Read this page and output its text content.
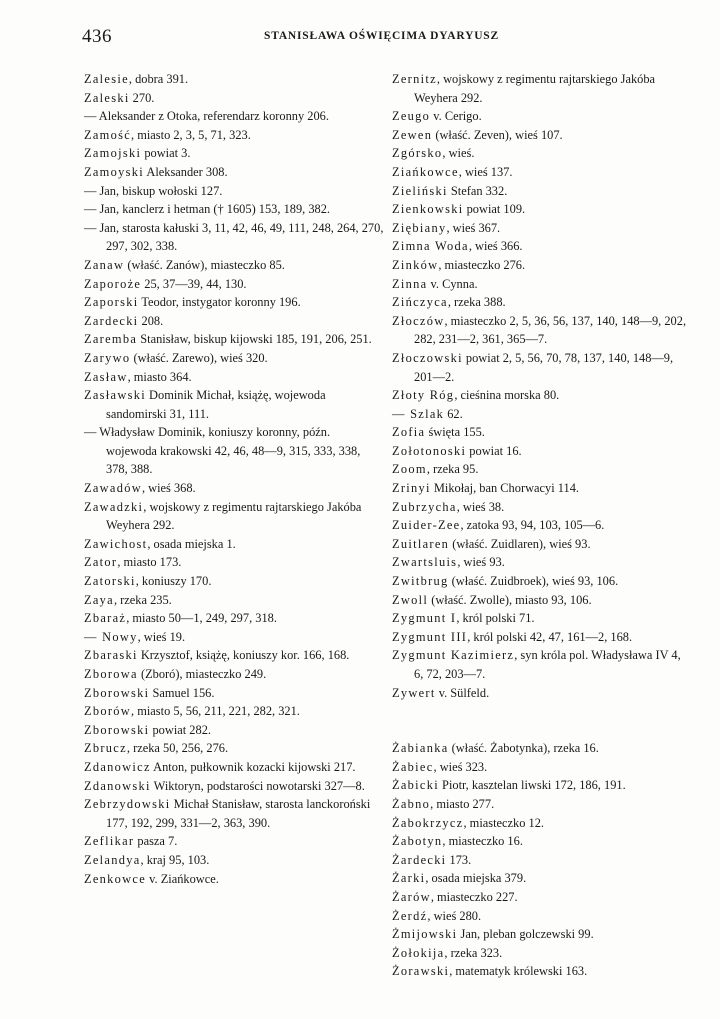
436	STANISŁAWA OŚWIĘCIMA DYARYUSZ
Zalesie, dobra 391.
Zaleski 270.
— Aleksander z Otoka, referendarz koronny 206.
Zamość, miasto 2, 3, 5, 71, 323.
Zamojski powiat 3.
Zamoyski Aleksander 308.
— Jan, biskup wołoski 127.
— Jan, kanclerz i hetman († 1605) 153, 189, 382.
— Jan, starosta kałuski 3, 11, 42, 46, 49, 111, 248, 264, 270, 297, 302, 338.
Zanaw (właść. Zanów), miasteczko 85.
Zaporoże 25, 37—39, 44, 130.
Zaporski Teodor, instygator koronny 196.
Zardecki 208.
Zaremba Stanisław, biskup kijowski 185, 191, 206, 251.
Zarywo (właść. Zarewo), wieś 320.
Zasław, miasto 364.
Zasławski Dominik Michał, książę, wojewoda sandomirski 31, 111.
— Władysław Dominik, koniuszy koronny, późn. wojewoda krakowski 42, 46, 48—9, 315, 333, 338, 378, 388.
Zawadów, wieś 368.
Zawadzki, wojskowy z regimentu rajtarskiego Jakóba Weyhera 292.
Zawichost, osada miejska 1.
Zator, miasto 173.
Zatorski, koniuszy 170.
Zaya, rzeka 235.
Zbaraż, miasto 50—1, 249, 297, 318.
— Nowy, wieś 19.
Zbaraski Krzysztof, książę, koniuszy kor. 166, 168.
Zborowa (Zboró), miasteczko 249.
Zborowski Samuel 156.
Zborów, miasto 5, 56, 211, 221, 282, 321.
Zborowski powiat 282.
Zbrucz, rzeka 50, 256, 276.
Zdanowicz Anton, pułkownik kozacki kijowski 217.
Zdanowski Wiktoryn, podstarości nowotarski 327—8.
Zebrzydowski Michał Stanisław, starosta lanckoroński 177, 192, 299, 331—2, 363, 390.
Zeflikar pasza 7.
Zelandya, kraj 95, 103.
Zenkowce v. Ziańkowce.
Zernitz, wojskowy z regimentu rajtarskiego Jakóba Weyhera 292.
Zeugo v. Cerigo.
Zewen (właść. Zeven), wieś 107.
Zgórsko, wieś.
Ziańkowce, wieś 137.
Zieliński Stefan 332.
Zienkowski powiat 109.
Ziębiany, wieś 367.
Zimna Woda, wieś 366.
Zinków, miasteczko 276.
Zinna v. Cynna.
Zińczyca, rzeka 388.
Złoczów, miasteczko 2, 5, 36, 56, 137, 140, 148—9, 202, 282, 231—2, 361, 365—7.
Złoczowski powiat 2, 5, 56, 70, 78, 137, 140, 148—9, 201—2.
Złoty Róg, cieśnina morska 80.
— Szlak 62.
Zofia święta 155.
Zołotonoski powiat 16.
Zoom, rzeka 95.
Zrinyi Mikołaj, ban Chorwacyi 114.
Zubrzycha, wieś 38.
Zuider-Zee, zatoka 93, 94, 103, 105—6.
Zuitlaren (właść. Zuidlaren), wieś 93.
Zwartsluis, wieś 93.
Zwitbrug (właść. Zuidbroek), wieś 93, 106.
Zwoll (właść. Zwolle), miasto 93, 106.
Zygmunt I, król polski 71.
Zygmunt III, król polski 42, 47, 161—2, 168.
Zygmunt Kazimierz, syn króla pol. Władysława IV 4, 6, 72, 203—7.
Zywert v. Sülfeld.
Żabianka (właść. Żabotynka), rzeka 16.
Żabiec, wieś 323.
Żabicki Piotr, kasztelan liwski 172, 186, 191.
Żabno, miasto 277.
Żabokrzycz, miasteczko 12.
Żabotyn, miasteczko 16.
Żardecki 173.
Żarki, osada miejska 379.
Żarów, miasteczko 227.
Żerdź, wieś 280.
Żmijowski Jan, pleban golczewski 99.
Żołokija, rzeka 323.
Żorawski, matematyk królewski 163.
